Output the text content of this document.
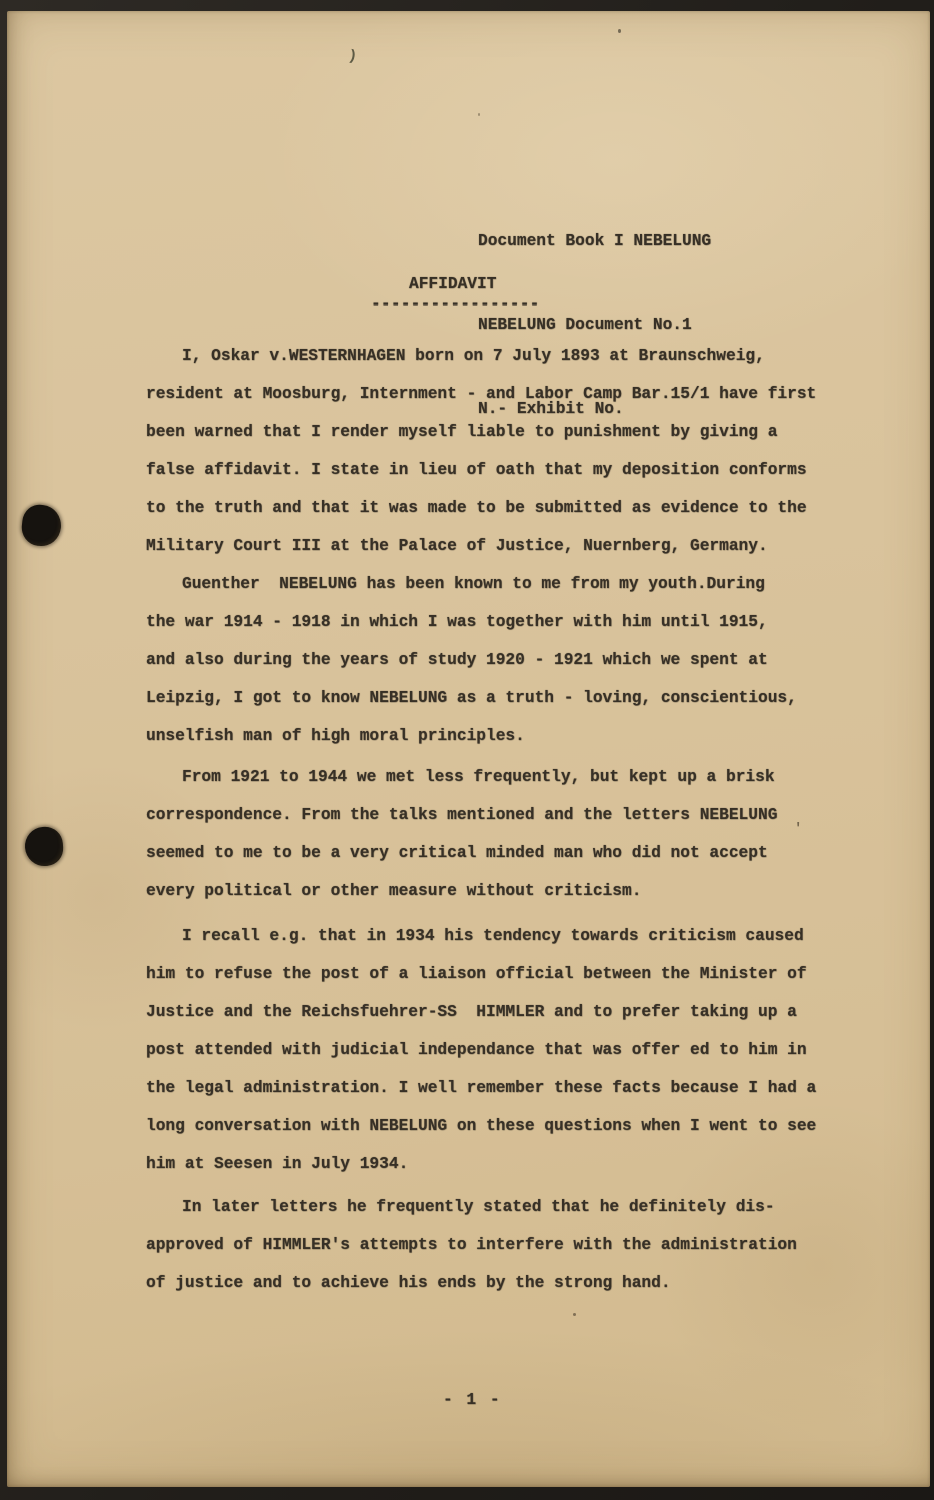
Document Book I NEBELUNG

NEBELUNG Document No.1

N.- Exhibit No.

AFFIDAVIT
-----------------

I, Oskar v.WESTERNHAGEN born on 7 July 1893 at Braunschweig,
resident at Moosburg, Internment - and Labor Camp Bar.15/1 have first
been warned that I render myself liable to punishment by giving a
false affidavit. I state in lieu of oath that my deposition conforms
to the truth and that it was made to be submitted as evidence to the
Military Court III at the Palace of Justice, Nuernberg, Germany.

Guenther  NEBELUNG has been known to me from my youth.During
the war 1914 - 1918 in which I was together with him until 1915,
and also during the years of study 1920 - 1921 which we spent at
Leipzig, I got to know NEBELUNG as a truth - loving, conscientious,
unselfish man of high moral principles.

From 1921 to 1944 we met less frequently, but kept up a brisk
correspondence. From the talks mentioned and the letters NEBELUNG
seemed to me to be a very critical minded man who did not accept
every political or other measure without criticism.

I recall e.g. that in 1934 his tendency towards criticism caused
him to refuse the post of a liaison official between the Minister of
Justice and the Reichsfuehrer-SS  HIMMLER and to prefer taking up a
post attended with judicial independance that was offer ed to him in
the legal administration. I well remember these facts because I had a
long conversation with NEBELUNG on these questions when I went to see
him at Seesen in July 1934.

In later letters he frequently stated that he definitely dis-
approved of HIMMLER's attempts to interfere with the administration
of justice and to achieve his ends by the strong hand.

- 1 -
)
'
